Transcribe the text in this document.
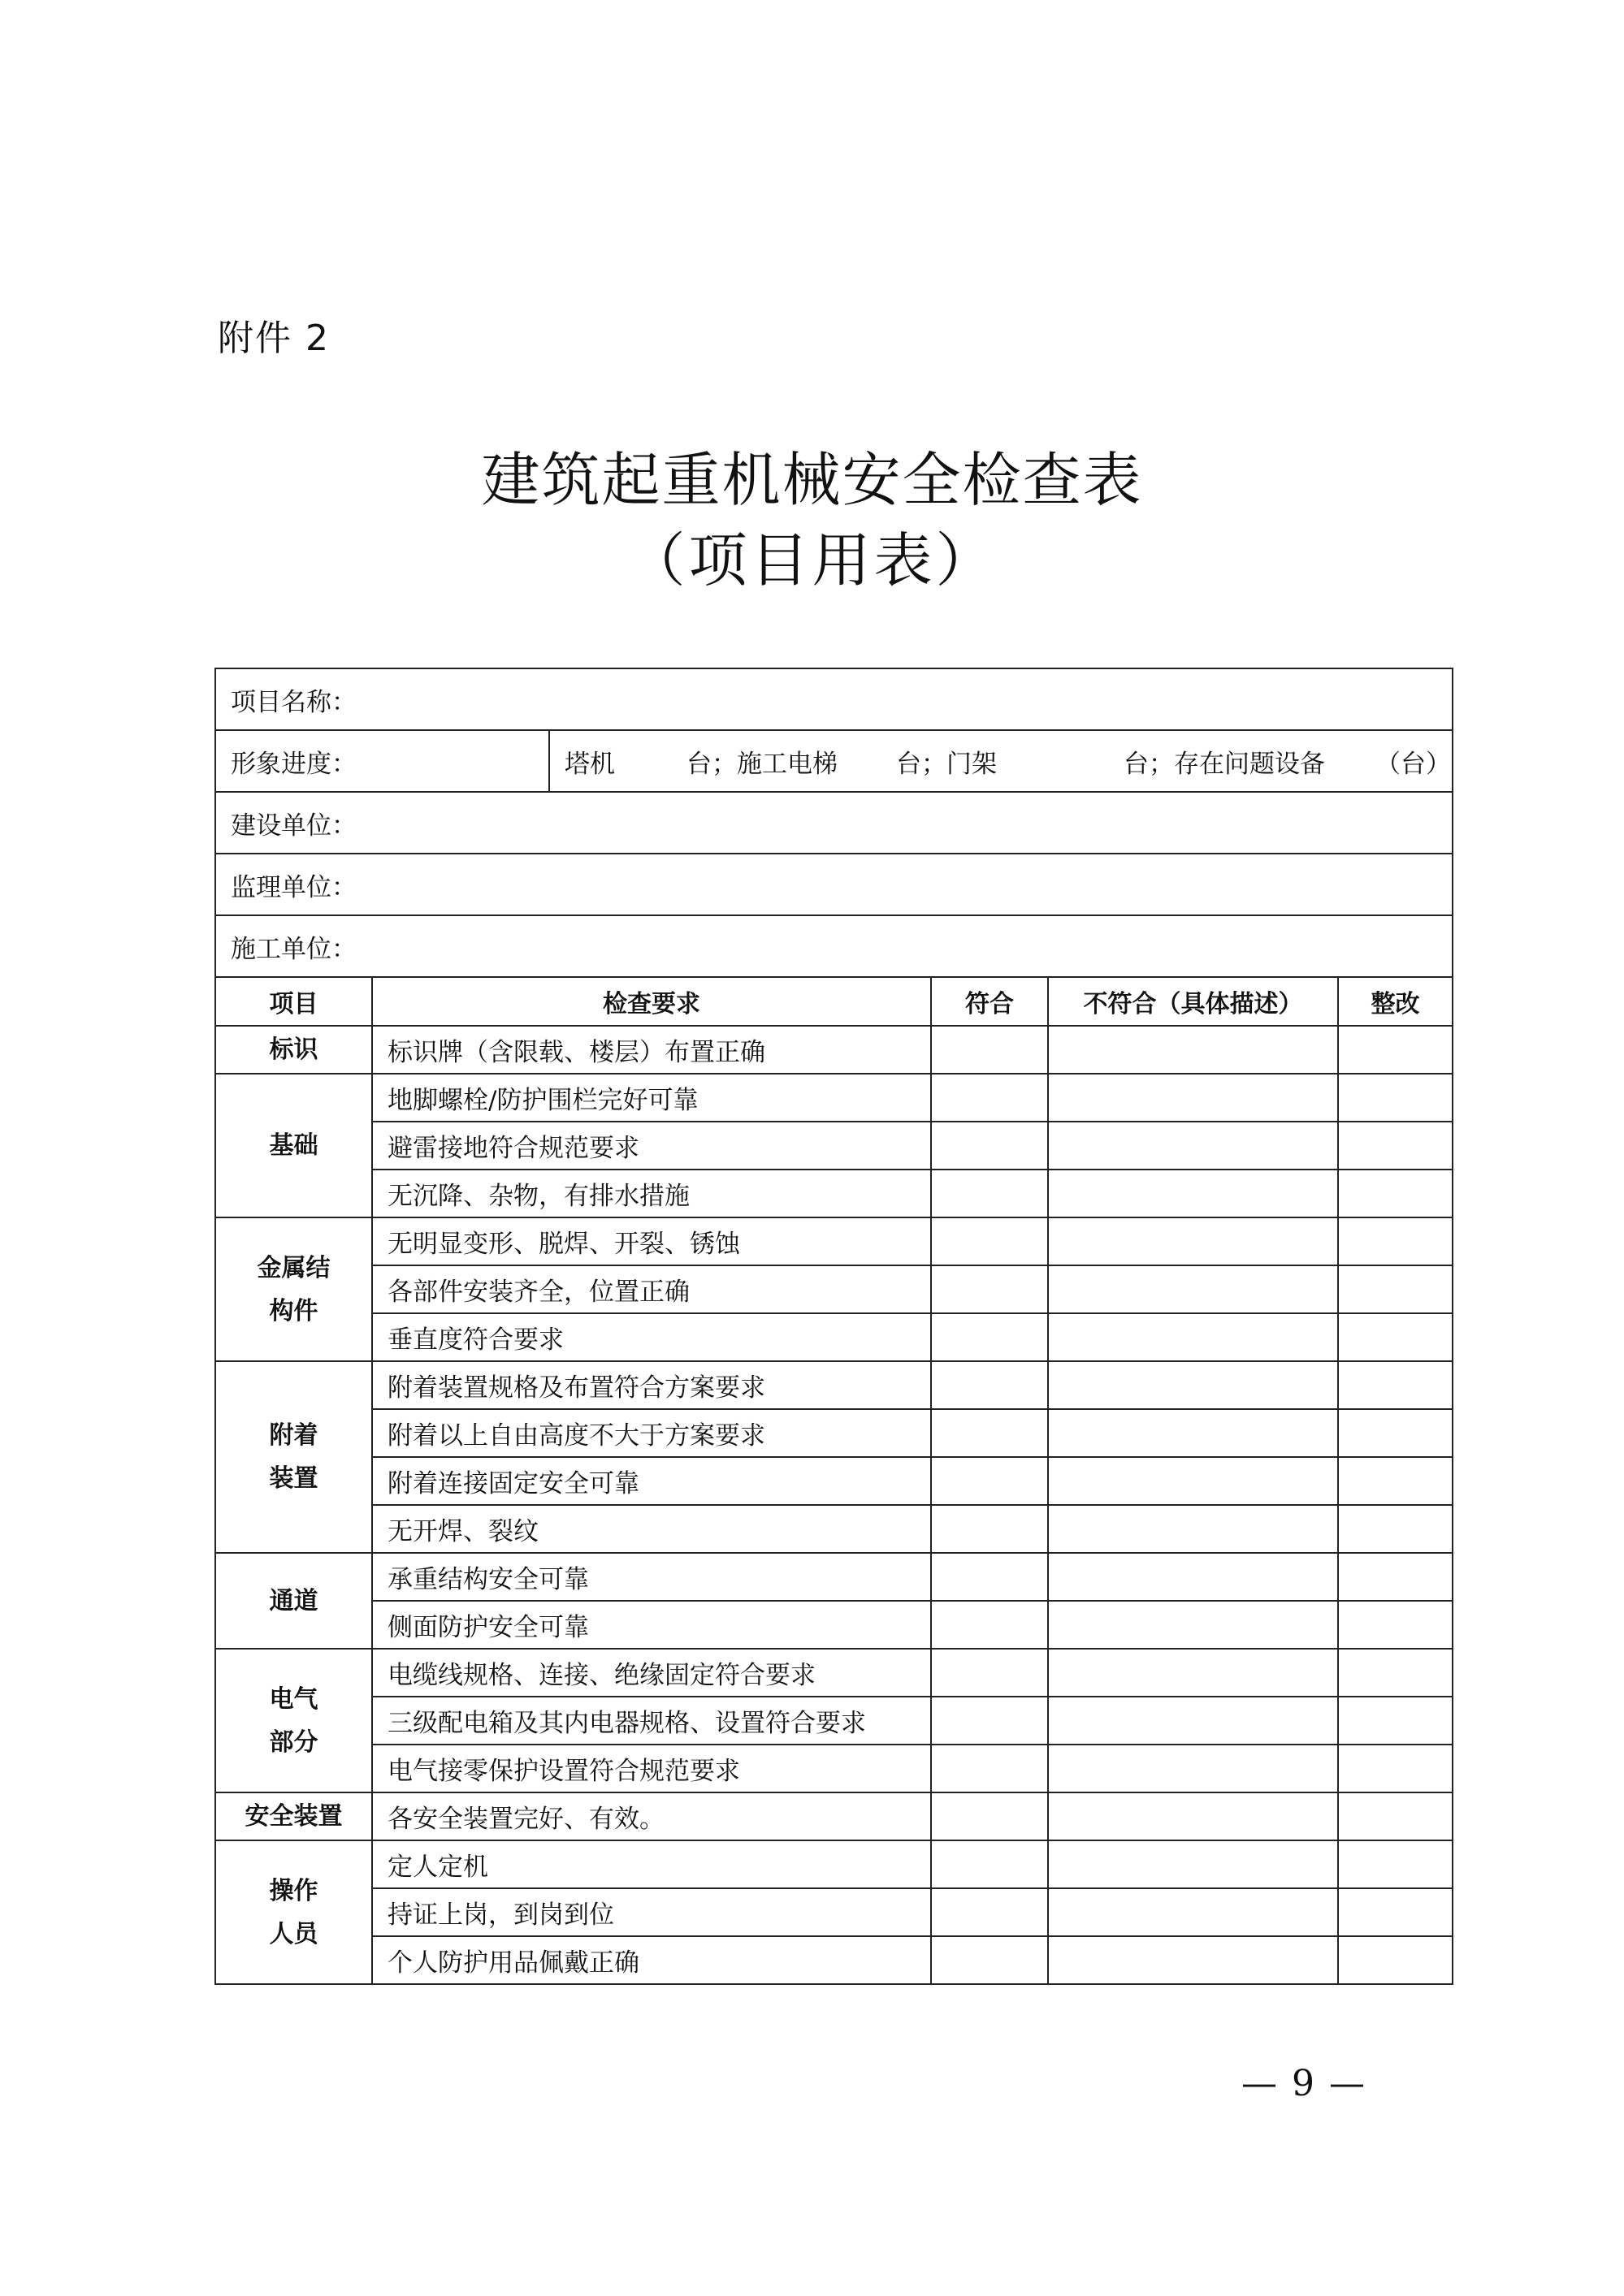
附件 2
建筑起重机械安全检查表
（项目用表）
项目名称：					
形象进度：		塔机 台；施工电梯 台；门架 台；存在问题设备 （台）			
建设单位：					
监理单位：					
施工单位：					
项目	检查要求		符合	不符合（具体描述）	整改

标识	标识牌（含限载、楼层）布置正确				

基础	地脚螺栓/防护围栏完好可靠				
	避雷接地符合规范要求				
	无沉降、杂物，有排水措施				

金属结
构件	无明显变形、脱焊、开裂、锈蚀				
	各部件安装齐全，位置正确				
	垂直度符合要求				

附着
装置	附着装置规格及布置符合方案要求				
	附着以上自由高度不大于方案要求				
	附着连接固定安全可靠				
	无开焊、裂纹				

通道	承重结构安全可靠				
	侧面防护安全可靠				

电气
部分	电缆线规格、连接、绝缘固定符合要求				
	三级配电箱及其内电器规格、设置符合要求				
	电气接零保护设置符合规范要求				

安全装置	各安全装置完好、有效。				

操作
人员	定人定机				
	持证上岗，到岗到位				
	个人防护用品佩戴正确				
— 9 —
